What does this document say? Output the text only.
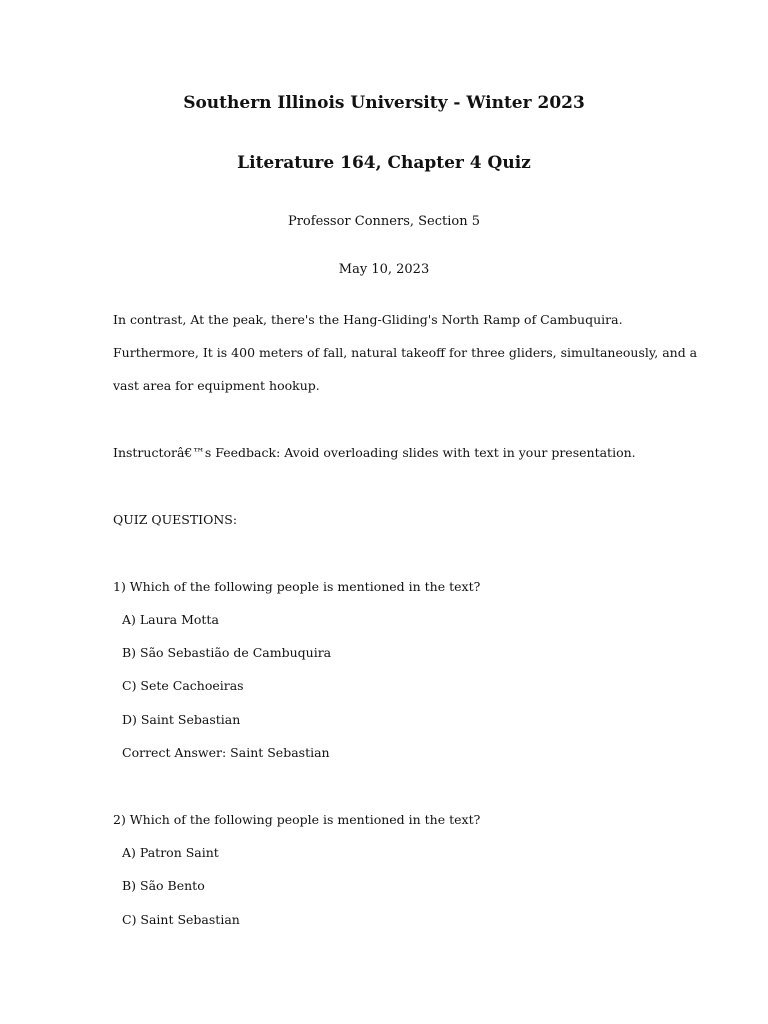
Southern Illinois University - Winter 2023
Literature 164, Chapter 4 Quiz
Professor Conners, Section 5
May 10, 2023
In contrast, At the peak, there's the Hang-Gliding's North Ramp of Cambuquira.
Furthermore, It is 400 meters of fall, natural takeoff for three gliders, simultaneously, and a
vast area for equipment hookup.
Instructorâ€™s Feedback: Avoid overloading slides with text in your presentation.
QUIZ QUESTIONS:
1) Which of the following people is mentioned in the text?
A) Laura Motta
B) São Sebastião de Cambuquira
C) Sete Cachoeiras
D) Saint Sebastian
Correct Answer: Saint Sebastian
2) Which of the following people is mentioned in the text?
A) Patron Saint
B) São Bento
C) Saint Sebastian
